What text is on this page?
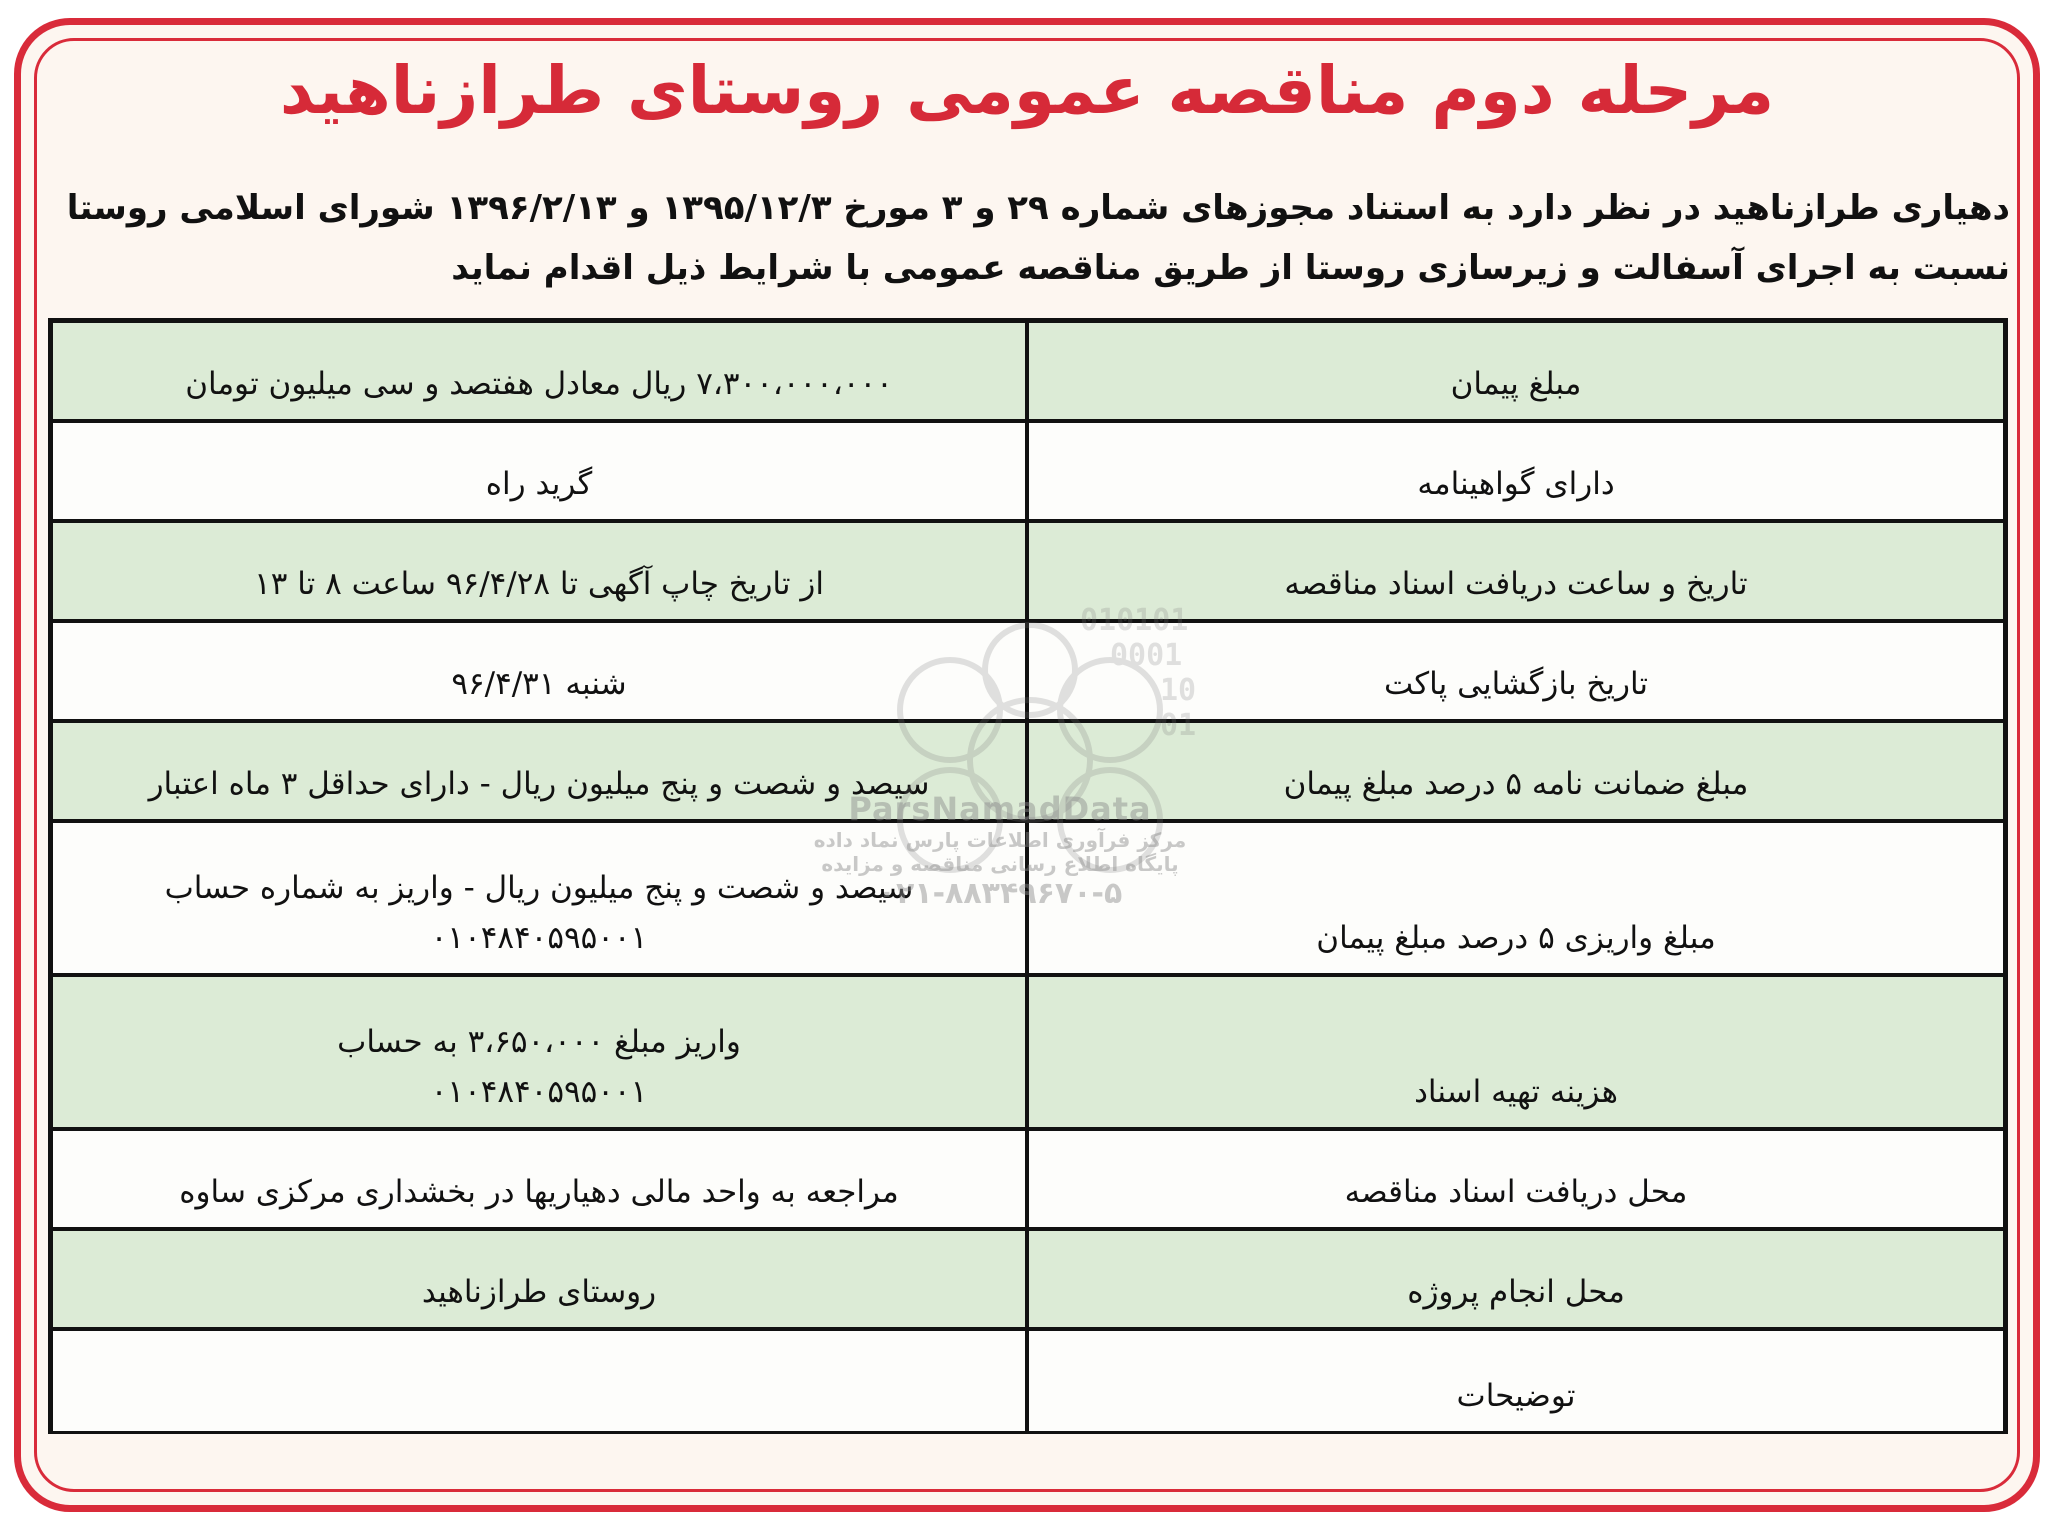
مرحله دوم مناقصه عمومی روستای طرازناهید
دهیاری طرازناهید در نظر دارد به استناد مجوزهای شماره ۲۹ و ۳ مورخ ۱۳۹۵/۱۲/۳ و ۱۳۹۶/۲/۱۳ شورای اسلامی روستا نسبت به اجرای آسفالت و زیرسازی روستا از طریق مناقصه عمومی با شرایط ذیل اقدام نماید
مبلغ پیمان
۷،۳۰۰،۰۰۰،۰۰۰ ریال معادل هفتصد و سی میلیون تومان
دارای گواهینامه
گرید راه
تاریخ و ساعت دریافت اسناد مناقصه
از تاریخ چاپ آگهی تا ۹۶/۴/۲۸ ساعت ۸ تا ۱۳
تاریخ بازگشایی پاکت
شنبه ۹۶/۴/۳۱
مبلغ ضمانت نامه ۵ درصد مبلغ پیمان
سیصد و شصت و پنج میلیون ریال - دارای حداقل ۳ ماه اعتبار
مبلغ واریزی ۵ درصد مبلغ پیمان
سیصد و شصت و پنج میلیون ریال - واریز به شماره حساب
۰۱۰۴۸۴۰۵۹۵۰۰۱
هزینه تهیه اسناد
واریز مبلغ ۳،۶۵۰،۰۰۰ به حساب
۰۱۰۴۸۴۰۵۹۵۰۰۱
محل دریافت اسناد مناقصه
مراجعه به واحد مالی دهیاریها در بخشداری مرکزی ساوه
محل انجام پروژه
روستای طرازناهید
توضیحات
010101
0001
10
01
ParsNamadData
مرکز فرآوری اطلاعات پارس نماد داده
پایگاه اطلاع رسانی مناقصه و مزایده
۰۲۱-۸۸۳۴۹۶۷۰-۵
